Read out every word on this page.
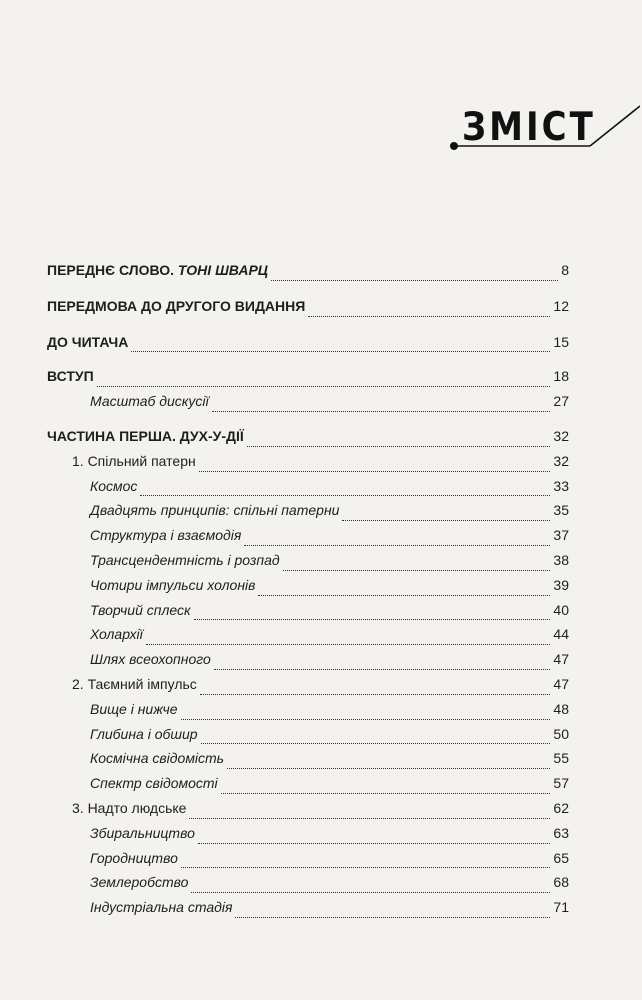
ЗМІСТ
ПЕРЕДНЄ СЛОВО. ТОНІ ШВАРЦ	8
ПЕРЕДМОВА ДО ДРУГОГО ВИДАННЯ	12
ДО ЧИТАЧА	15
ВСТУП	18
Масштаб дискусії	27
ЧАСТИНА ПЕРША. ДУХ-У-ДІЇ	32
1. Спільний патерн	32
Космос	33
Двадцять принципів: спільні патерни	35
Структура і взаємодія	37
Трансцендентність і розпад	38
Чотири імпульси холонів	39
Творчий сплеск	40
Холархії	44
Шлях всеохопного	47
2. Таємний імпульс	47
Вище і нижче	48
Глибина і обшир	50
Космічна свідомість	55
Спектр свідомості	57
3. Надто людське	62
Збиральництво	63
Городництво	65
Землеробство	68
Індустріальна стадія	71
